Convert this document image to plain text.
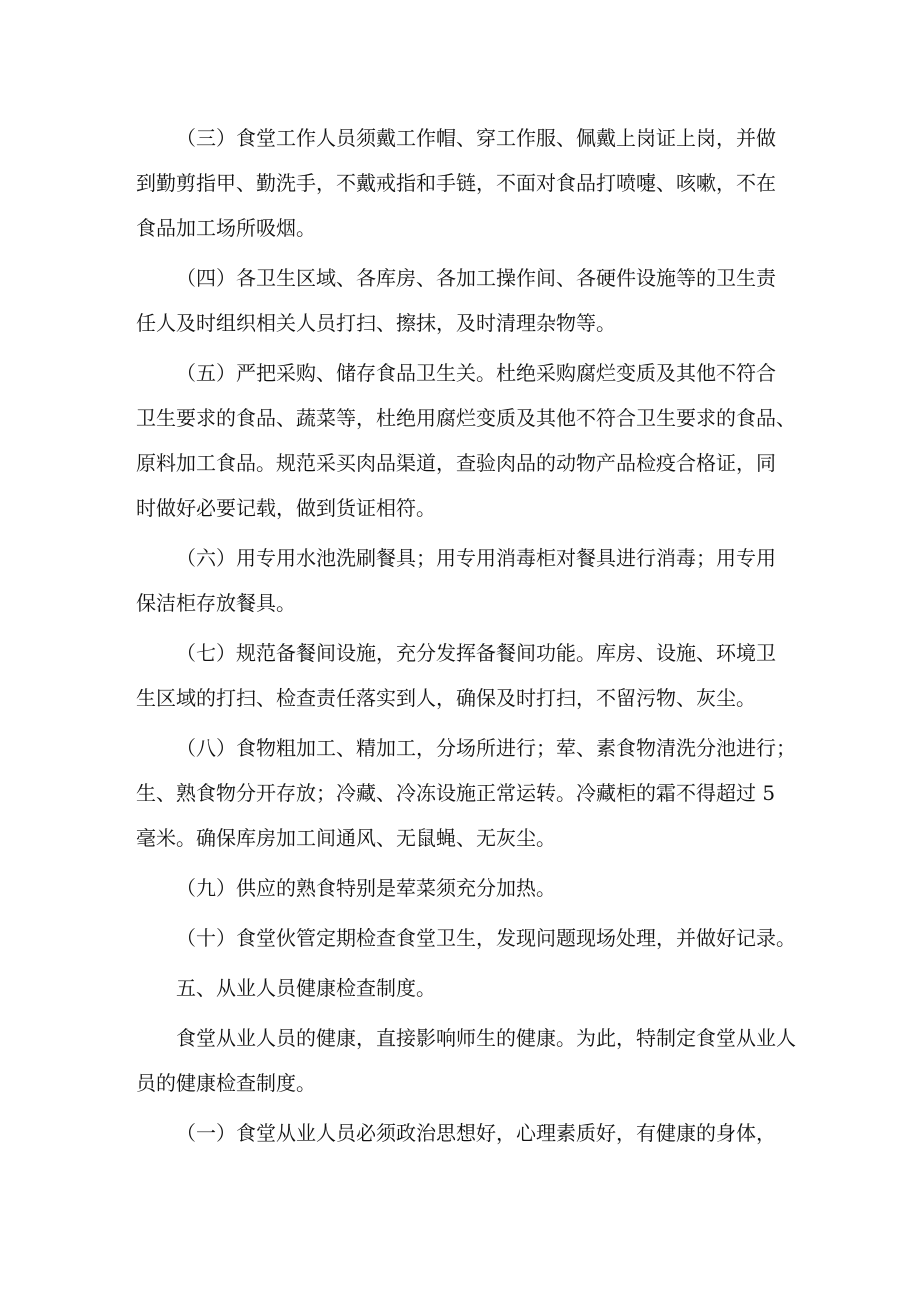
（三）食堂工作人员须戴工作帽、穿工作服、佩戴上岗证上岗，并做
到勤剪指甲、勤洗手，不戴戒指和手链，不面对食品打喷嚏、咳嗽，不在
食品加工场所吸烟。
（四）各卫生区域、各库房、各加工操作间、各硬件设施等的卫生责
任人及时组织相关人员打扫、擦抹，及时清理杂物等。
（五）严把采购、储存食品卫生关。杜绝采购腐烂变质及其他不符合
卫生要求的食品、蔬菜等，杜绝用腐烂变质及其他不符合卫生要求的食品、
原料加工食品。规范采买肉品渠道，查验肉品的动物产品检疫合格证，同
时做好必要记载，做到货证相符。
（六）用专用水池洗刷餐具；用专用消毒柜对餐具进行消毒；用专用
保洁柜存放餐具。
（七）规范备餐间设施，充分发挥备餐间功能。库房、设施、环境卫
生区域的打扫、检查责任落实到人，确保及时打扫，不留污物、灰尘。
（八）食物粗加工、精加工，分场所进行；荤、素食物清洗分池进行；
生、熟食物分开存放；冷藏、冷冻设施正常运转。冷藏柜的霜不得超过 5
毫米。确保库房加工间通风、无鼠蝇、无灰尘。
（九）供应的熟食特别是荤菜须充分加热。
（十）食堂伙管定期检查食堂卫生，发现问题现场处理，并做好记录。
五、从业人员健康检查制度。
食堂从业人员的健康，直接影响师生的健康。为此，特制定食堂从业人
员的健康检查制度。
（一）食堂从业人员必须政治思想好，心理素质好，有健康的身体，
